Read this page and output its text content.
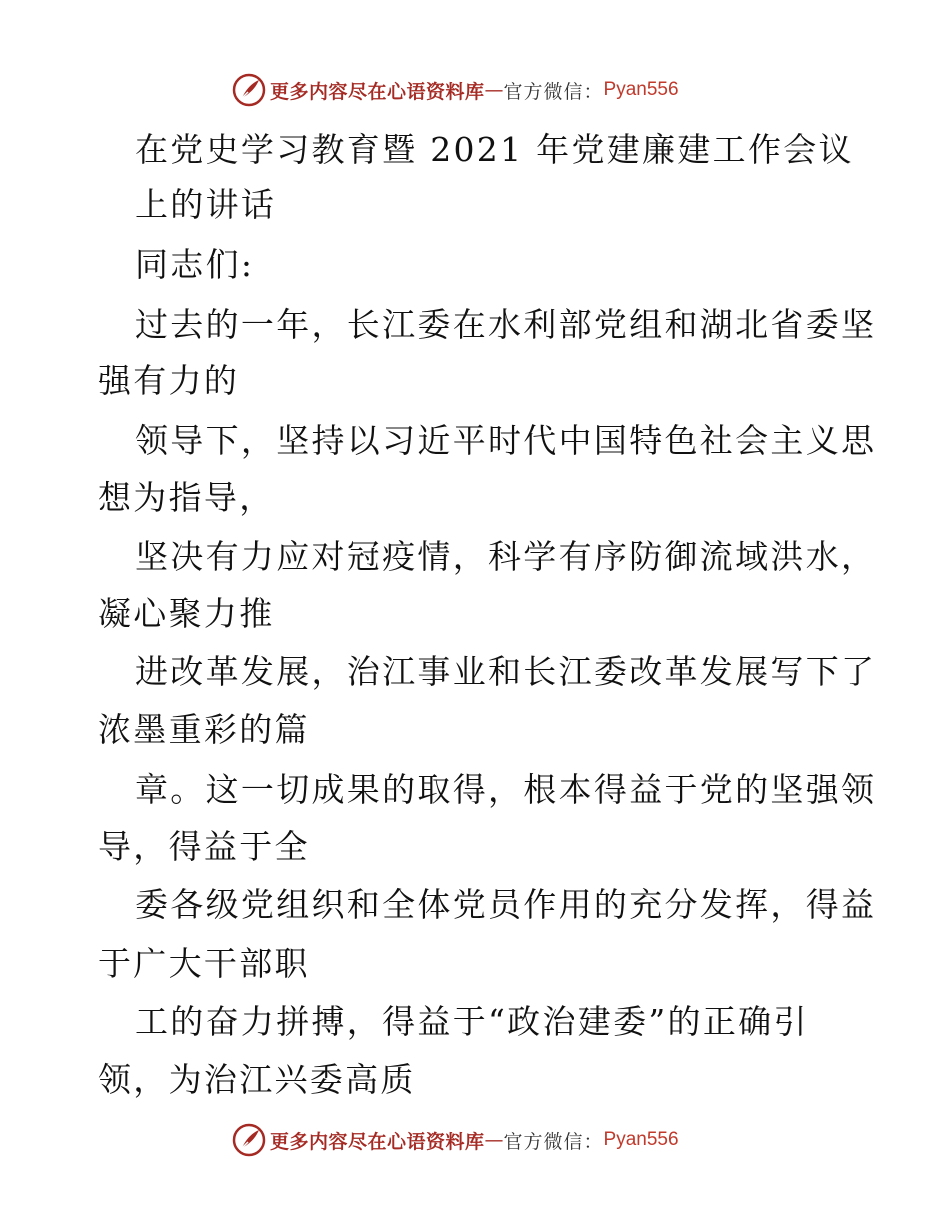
更多内容尽在心语资料库 — 官方微信： Pyan556
在党史学习教育暨 2021 年党建廉建工作会议
上的讲话
同志们:
过去的一年，长江委在水利部党组和湖北省委坚
强有力的
领导下，坚持以习近平时代中国特色社会主义思
想为指导，
坚决有力应对冠疫情，科学有序防御流域洪水，
凝心聚力推
进改革发展，治江事业和长江委改革发展写下了
浓墨重彩的篇
章。这一切成果的取得，根本得益于党的坚强领
导，得益于全
委各级党组织和全体党员作用的充分发挥，得益
于广大干部职
工的奋力拼搏，得益于“政治建委”的正确引
领，为治江兴委高质
更多内容尽在心语资料库 — 官方微信： Pyan556
